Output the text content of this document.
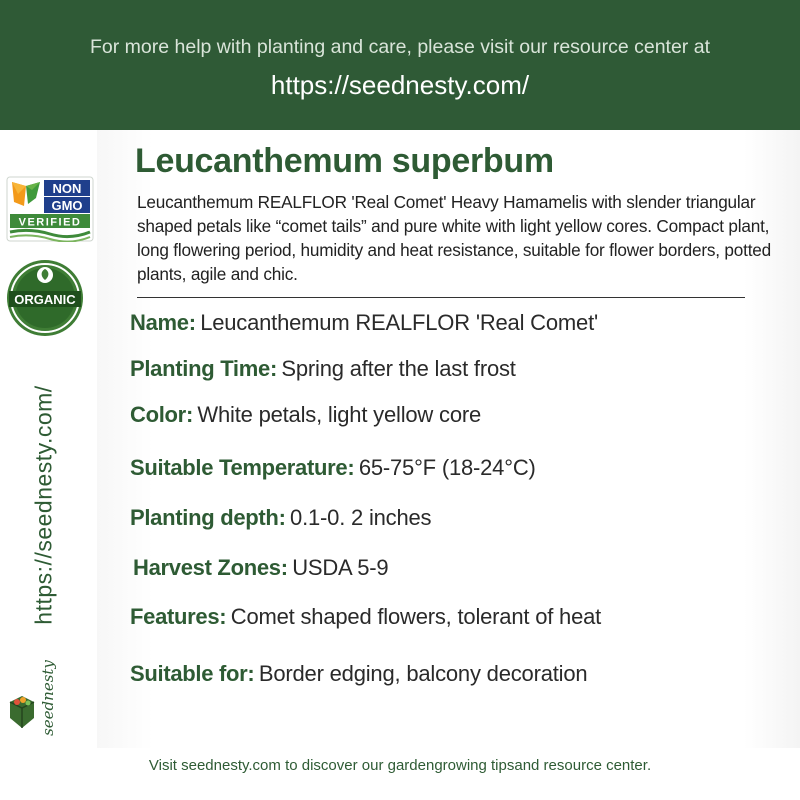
For more help with planting and care, please visit our resource center at
https://seednesty.com/
NON
GMO
VERIFIED
ORGANIC
https://seednesty.com/
seednesty
Leucanthemum superbum
Leucanthemum REALFLOR 'Real Comet' Heavy Hamamelis with slender triangular shaped petals like “comet tails” and pure white with light yellow cores. Compact plant, long flowering period, humidity and heat resistance, suitable for flower borders, potted plants, agile and chic.
Name: Leucanthemum REALFLOR 'Real Comet'
Planting Time: Spring after the last frost
Color: White petals, light yellow core
Suitable Temperature: 65-75°F (18-24°C)
Planting depth: 0.1-0. 2 inches
Harvest Zones: USDA 5-9
Features: Comet shaped flowers, tolerant of heat
Suitable for: Border edging, balcony decoration
Visit seednesty.com to discover our gardengrowing tipsand resource center.
